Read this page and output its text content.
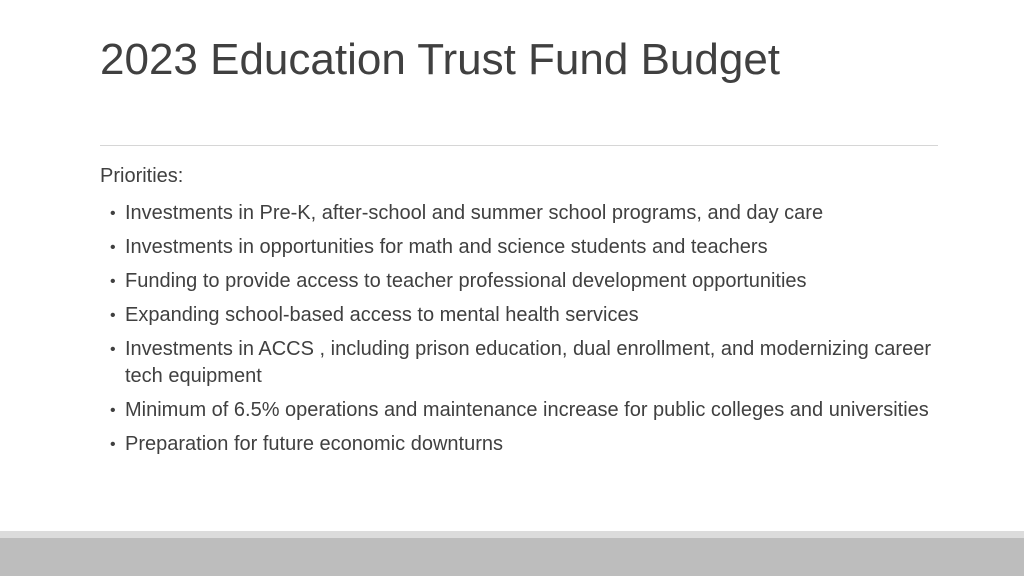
2023 Education Trust Fund Budget
Priorities:
• Investments in Pre-K, after-school and summer school programs, and day care
• Investments in opportunities for math and science students and teachers
• Funding to provide access to teacher professional development opportunities
• Expanding school-based access to mental health services
• Investments in ACCS , including prison education, dual enrollment, and modernizing career tech equipment
• Minimum of 6.5% operations and maintenance increase for public colleges and universities
• Preparation for future economic downturns
